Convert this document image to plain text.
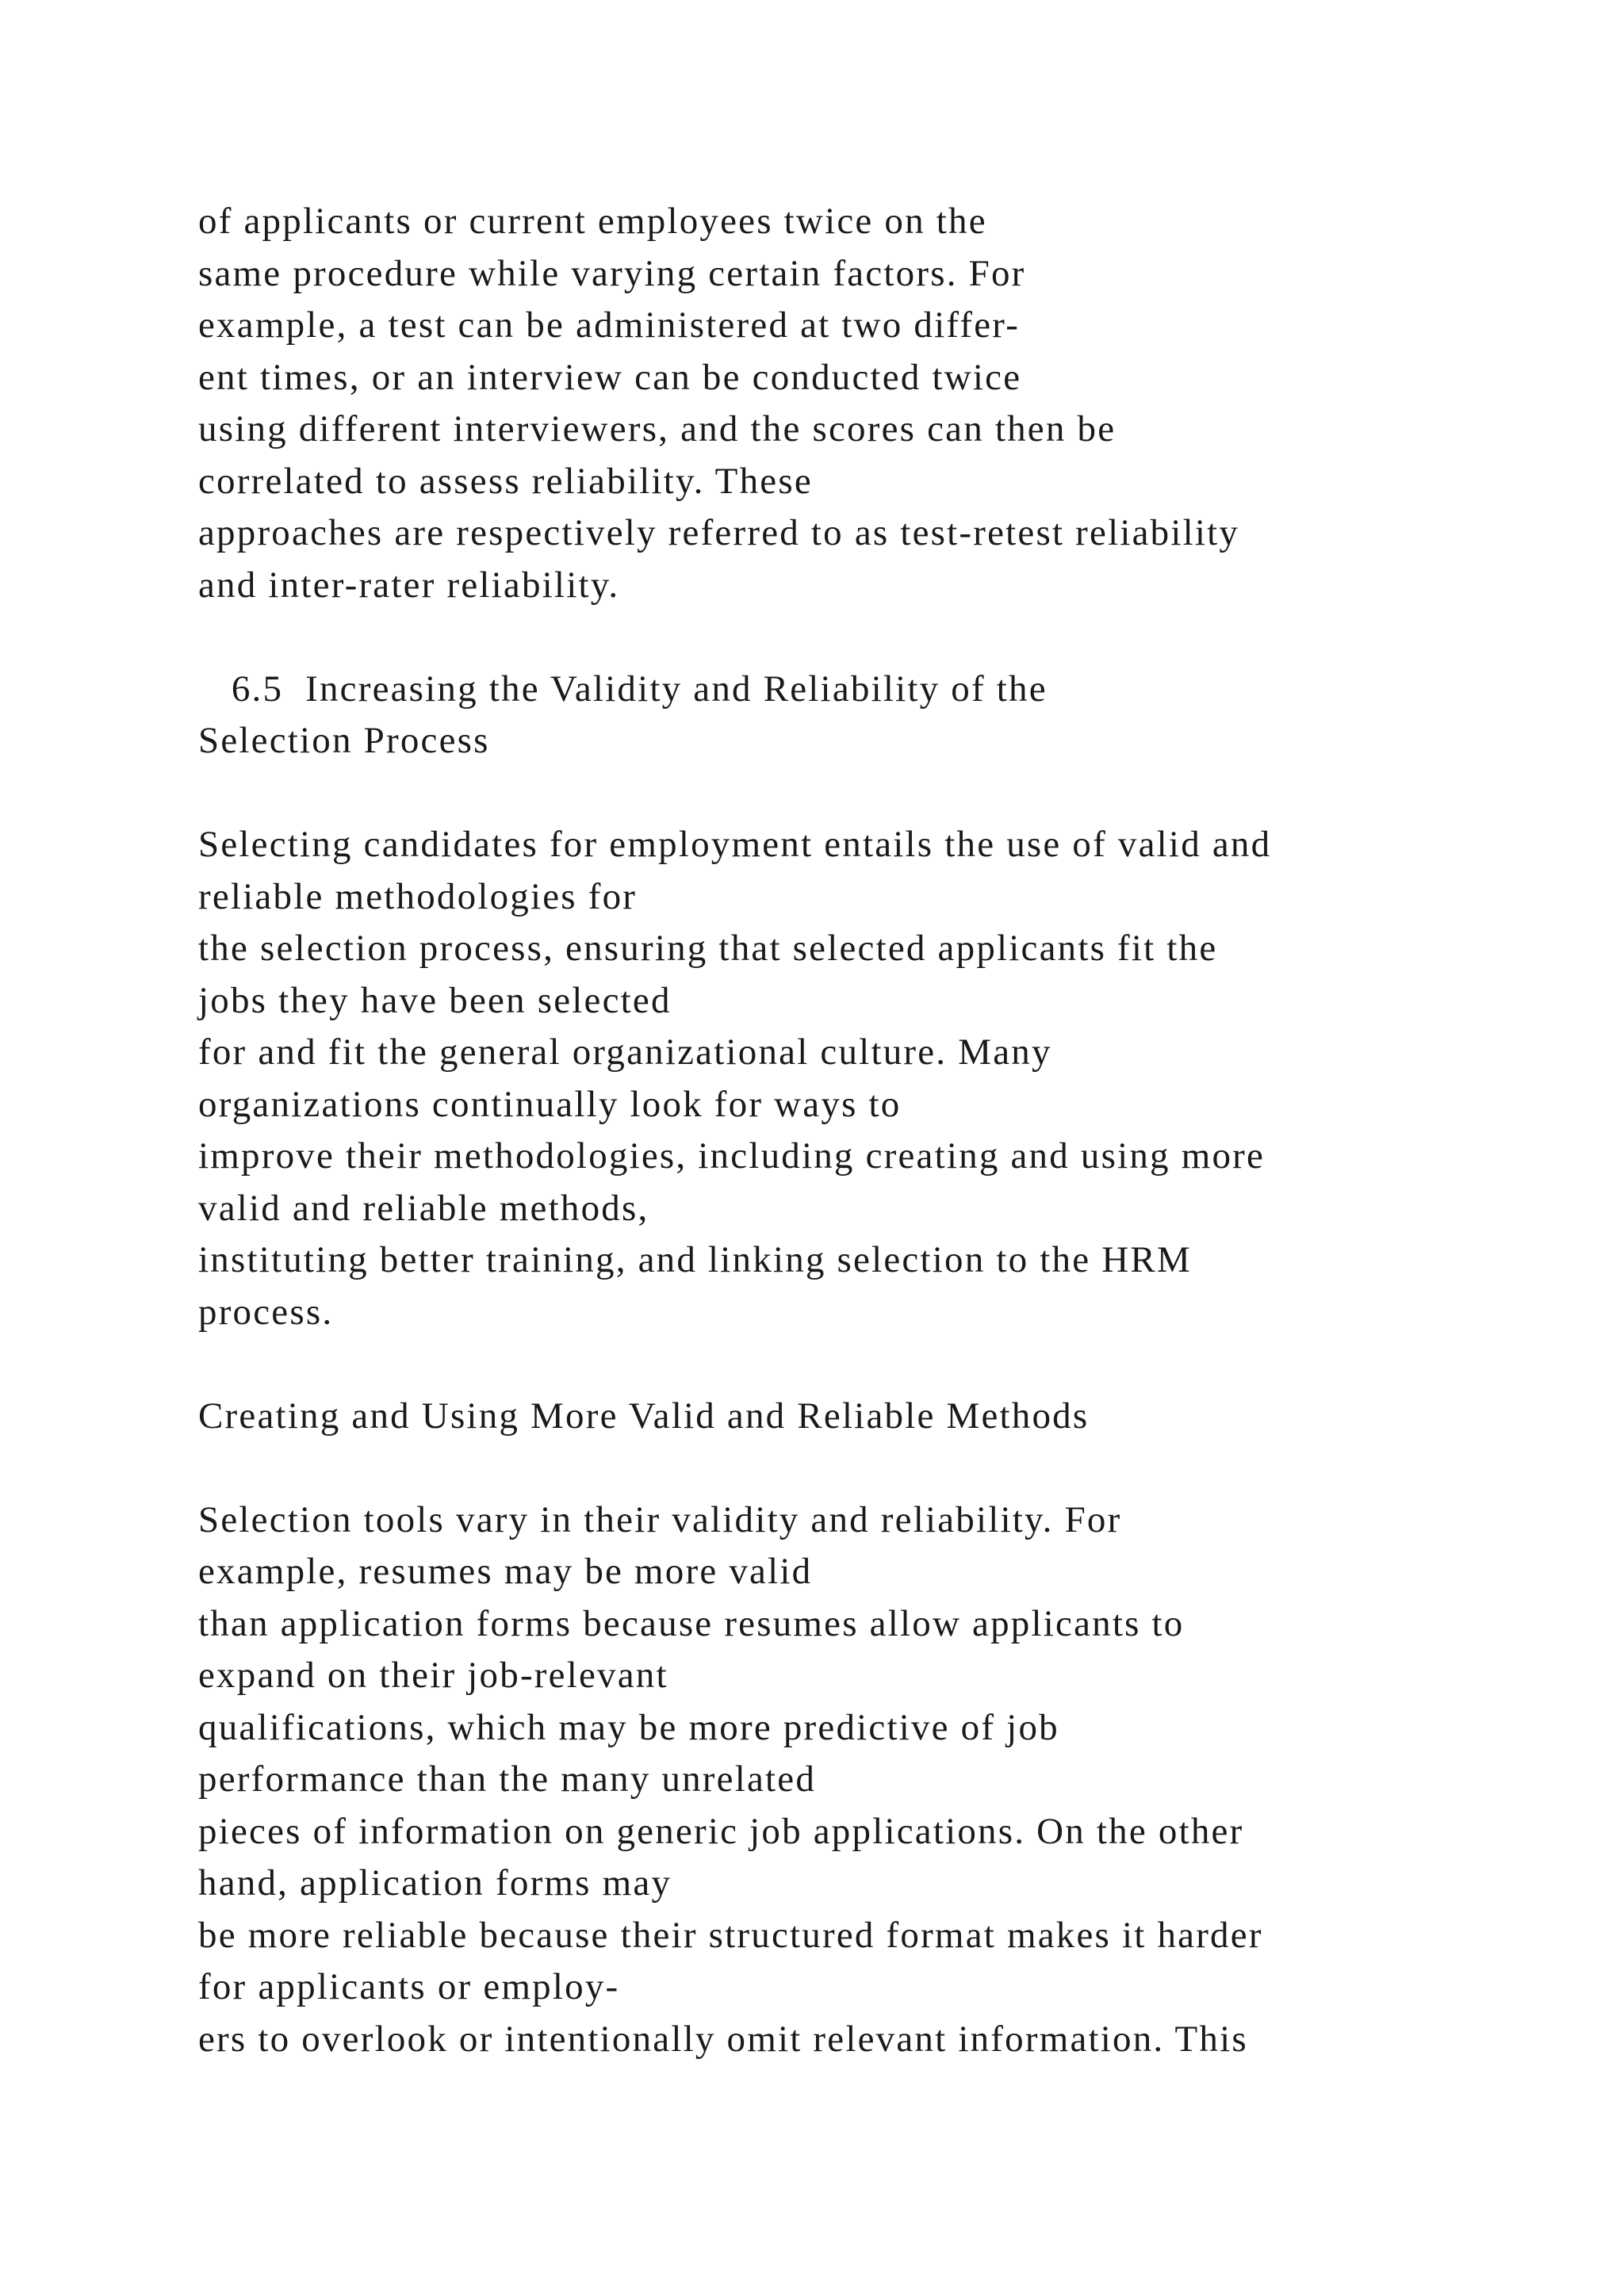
of applicants or current employees twice on the
same procedure while varying certain factors. For
example, a test can be administered at two differ-
ent times, or an interview can be conducted twice
using different interviewers, and the scores can then be
correlated to assess reliability. These
approaches are respectively referred to as test-retest reliability
and inter-rater reliability.
6.5  Increasing the Validity and Reliability of the
Selection Process
Selecting candidates for employment entails the use of valid and
reliable methodologies for
the selection process, ensuring that selected applicants fit the
jobs they have been selected
for and fit the general organizational culture. Many
organizations continually look for ways to
improve their methodologies, including creating and using more
valid and reliable methods,
instituting better training, and linking selection to the HRM
process.
Creating and Using More Valid and Reliable Methods
Selection tools vary in their validity and reliability. For
example, resumes may be more valid
than application forms because resumes allow applicants to
expand on their job-relevant
qualifications, which may be more predictive of job
performance than the many unrelated
pieces of information on generic job applications. On the other
hand, application forms may
be more reliable because their structured format makes it harder
for applicants or employ-
ers to overlook or intentionally omit relevant information. This
